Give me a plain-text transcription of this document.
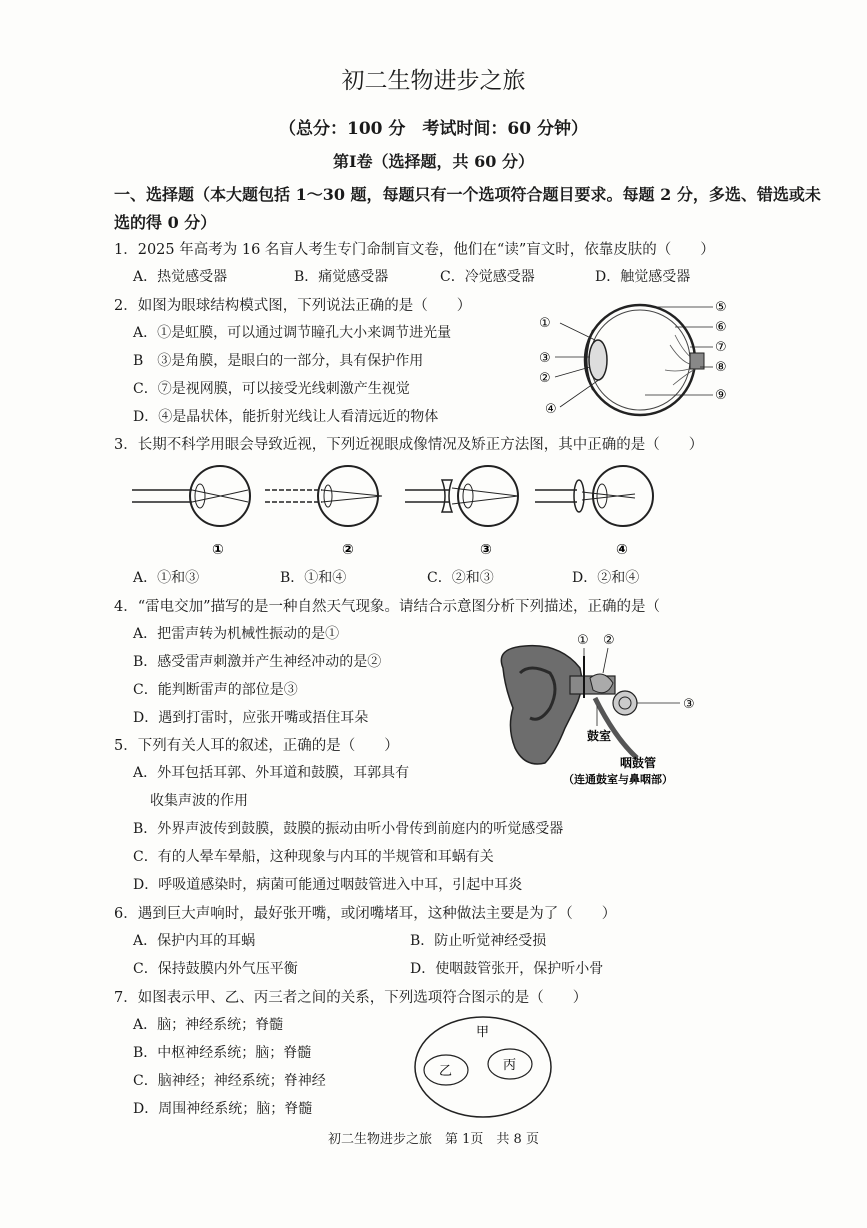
初二生物进步之旅
（总分：100 分　考试时间：60 分钟）
第Ⅰ卷（选择题，共 60 分）
一、选择题（本大题包括 1～30 题，每题只有一个选项符合题目要求。每题 2 分，多选、错选或未选的得 0 分）
1．2025 年高考为 16 名盲人考生专门命制盲文卷，他们在“读”盲文时，依靠皮肤的（　　）
A．热觉感受器	B．痛觉感受器	C．冷觉感受器	D．触觉感受器
2．如图为眼球结构模式图，下列说法正确的是（　　）
A．①是虹膜，可以通过调节瞳孔大小来调节进光量
B　③是角膜，是眼白的一部分，具有保护作用
C．⑦是视网膜，可以接受光线刺激产生视觉
D．④是晶状体，能折射光线让人看清远近的物体
①
②
③
④
⑤
⑥
⑦
⑧
⑨
3．长期不科学用眼会导致近视，下列近视眼成像情况及矫正方法图，其中正确的是（　　）
①	②	③	④
A．①和③	B．①和④	C．②和③	D．②和④
4．“雷电交加”描写的是一种自然天气现象。请结合示意图分析下列描述，正确的是（
A．把雷声转为机械性振动的是①
B．感受雷声刺激并产生神经冲动的是②
C．能判断雷声的部位是③
D．遇到打雷时，应张开嘴或捂住耳朵
① ②
③
鼓室
咽鼓管
（连通鼓室与鼻咽部）
5．下列有关人耳的叙述，正确的是（　　）
A．外耳包括耳郭、外耳道和鼓膜，耳郭具有
收集声波的作用
B．外界声波传到鼓膜，鼓膜的振动由听小骨传到前庭内的听觉感受器
C．有的人晕车晕船，这种现象与内耳的半规管和耳蜗有关
D．呼吸道感染时，病菌可能通过咽鼓管进入中耳，引起中耳炎
6．遇到巨大声响时，最好张开嘴，或闭嘴堵耳，这种做法主要是为了（　　）
A．保护内耳的耳蜗	B．防止听觉神经受损
C．保持鼓膜内外气压平衡	D．使咽鼓管张开，保护听小骨
7．如图表示甲、乙、丙三者之间的关系，下列选项符合图示的是（　　）
A．脑；神经系统；脊髓
B．中枢神经系统；脑；脊髓
C．脑神经；神经系统；脊神经
D．周围神经系统；脑；脊髓
甲
乙	丙
初二生物进步之旅　第 1页　共 8 页
